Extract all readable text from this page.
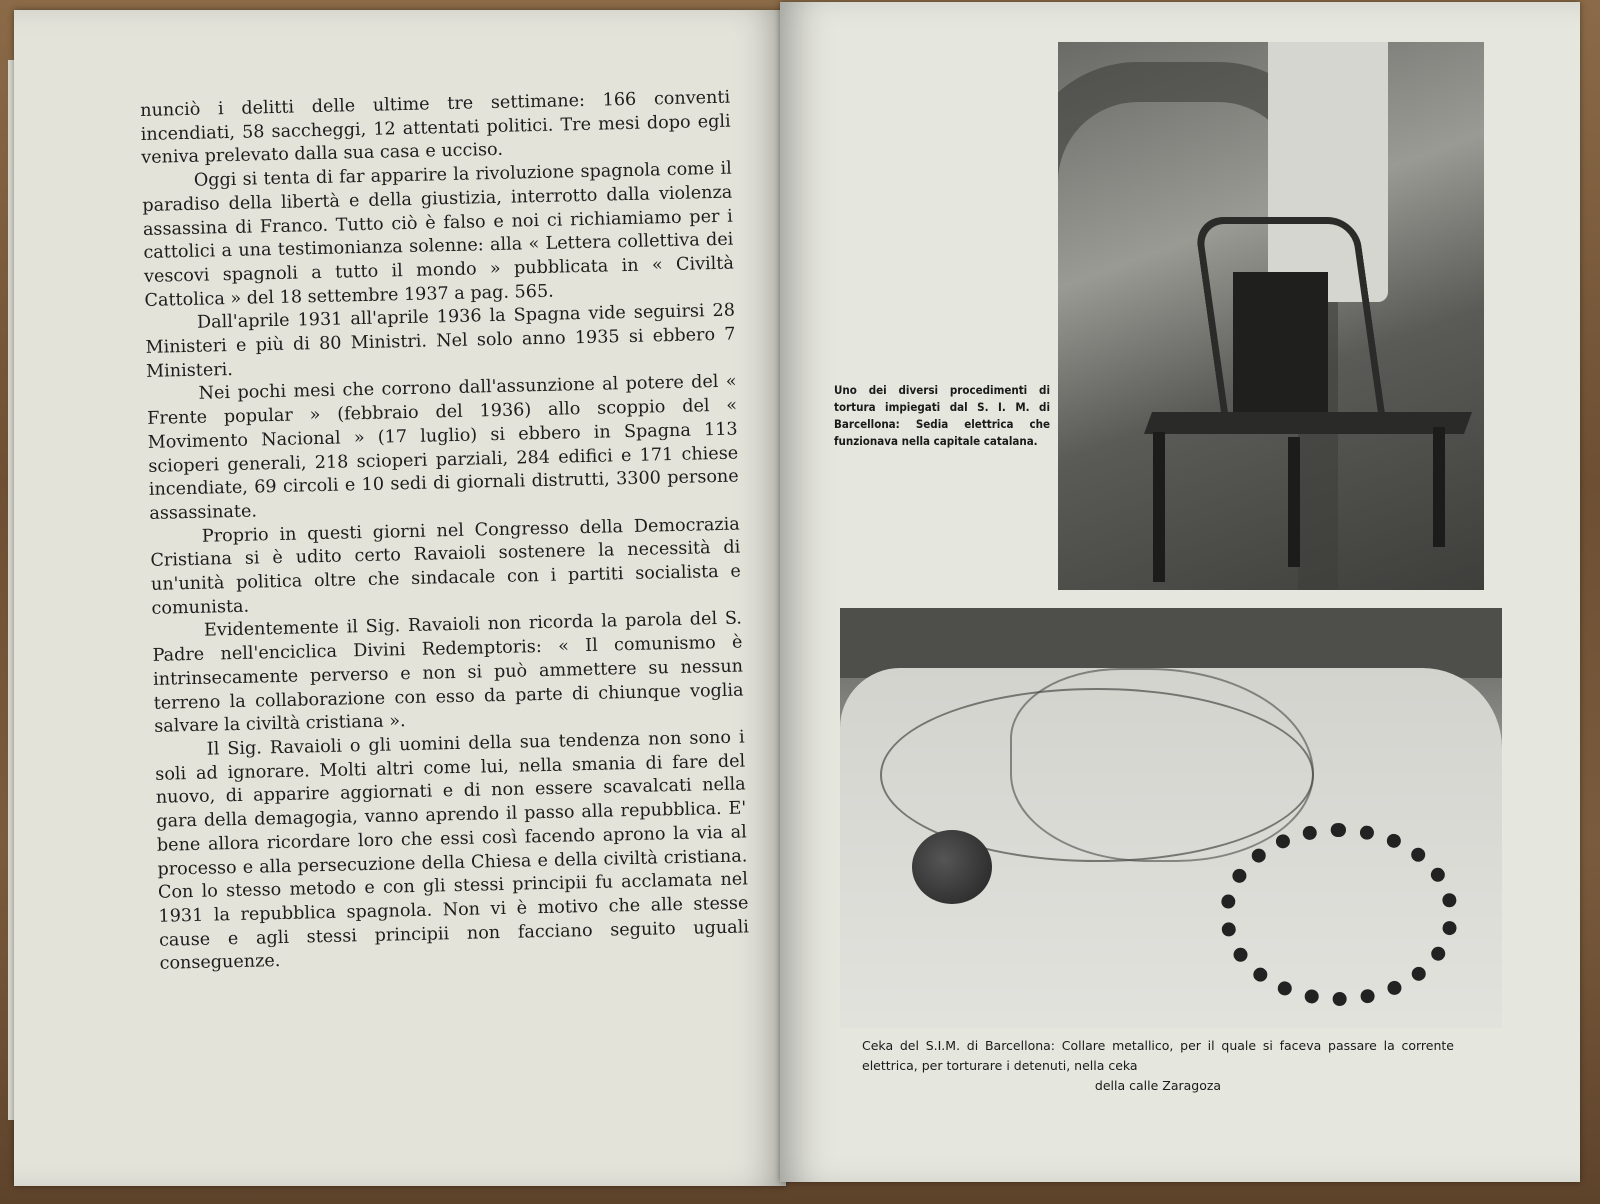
nunciò i delitti delle ultime tre settimane: 166 conventi incendiati, 58 saccheggi, 12 attentati politici. Tre mesi dopo egli veniva prelevato dalla sua casa e ucciso.

Oggi si tenta di far apparire la rivoluzione spagnola come il paradiso della libertà e della giustizia, interrotto dalla violenza assassina di Franco. Tutto ciò è falso e noi ci richiamiamo per i cattolici a una testimonianza solenne: alla « Lettera collettiva dei vescovi spagnoli a tutto il mondo » pubblicata in « Civiltà Cattolica » del 18 settembre 1937 a pag. 565.

Dall'aprile 1931 all'aprile 1936 la Spagna vide seguirsi 28 Ministeri e più di 80 Ministri. Nel solo anno 1935 si ebbero 7 Ministeri.

Nei pochi mesi che corrono dall'assunzione al potere del « Frente popular » (febbraio del 1936) allo scoppio del « Movimento Nacional » (17 luglio) si ebbero in Spagna 113 scioperi generali, 218 scioperi parziali, 284 edifici e 171 chiese incendiate, 69 circoli e 10 sedi di giornali distrutti, 3300 persone assassinate.

Proprio in questi giorni nel Congresso della Democrazia Cristiana si è udito certo Ravaioli sostenere la necessità di un'unità politica oltre che sindacale con i partiti socialista e comunista.

Evidentemente il Sig. Ravaioli non ricorda la parola del S. Padre nell'enciclica Divini Redemptoris: « Il comunismo è intrinsecamente perverso e non si può ammettere su nessun terreno la collaborazione con esso da parte di chiunque voglia salvare la civiltà cristiana ».

Il Sig. Ravaioli o gli uomini della sua tendenza non sono i soli ad ignorare. Molti altri come lui, nella smania di fare del nuovo, di apparire aggiornati e di non essere scavalcati nella gara della demagogia, vanno aprendo il passo alla repubblica. E' bene allora ricordare loro che essi così facendo aprono la via al processo e alla persecuzione della Chiesa e della civiltà cristiana. Con lo stesso metodo e con gli stessi principii fu acclamata nel 1931 la repubblica spagnola. Non vi è motivo che alle stesse cause e agli stessi principii non facciano seguito uguali conseguenze.

Uno dei diversi procedimenti di tortura impiegati dal S. I. M. di Barcellona: Sedia elettrica che funzionava nella capitale catalana.
Ceka del S.I.M. di Barcellona: Collare metallico, per il quale si faceva passare la corrente elettrica, per torturare i detenuti, nella ceka
della calle Zaragoza
